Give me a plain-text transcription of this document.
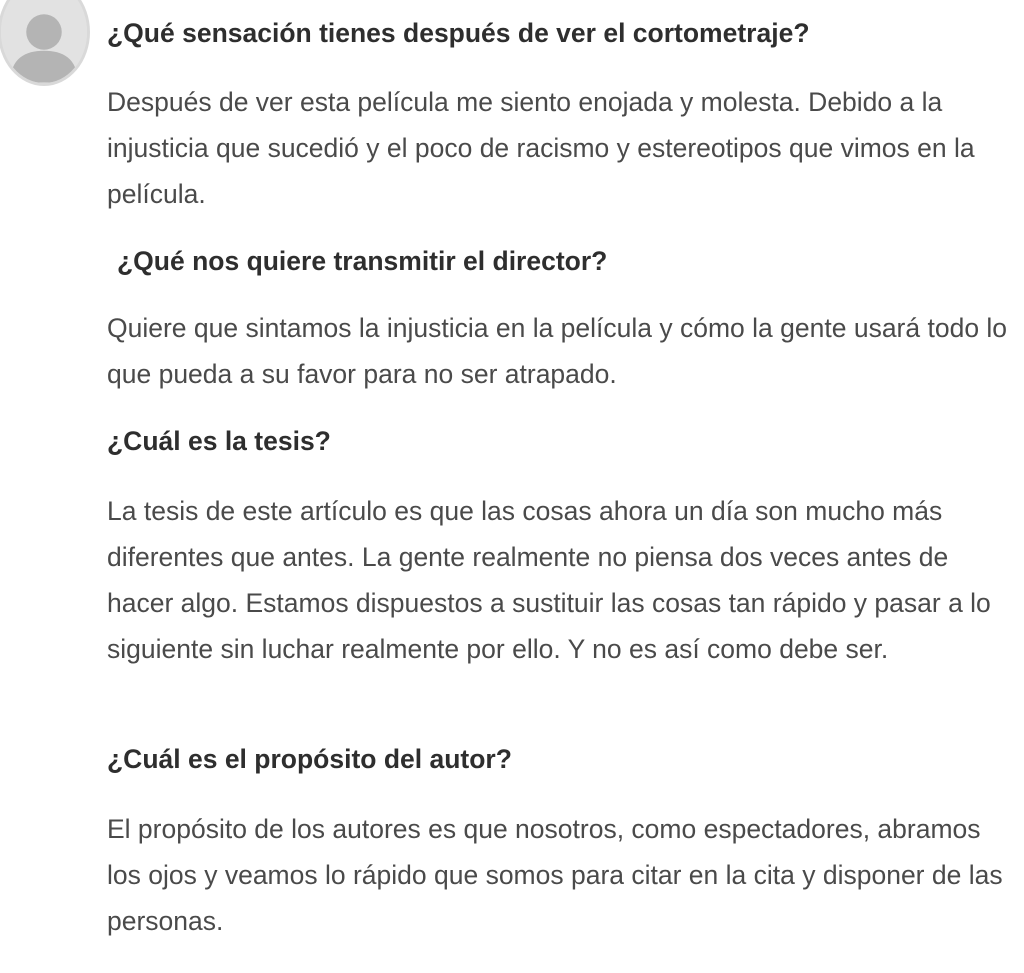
¿Qué sensación tienes después de ver el cortometraje?

Después de ver esta película me siento enojada y molesta. Debido a la injusticia que sucedió y el poco de racismo y estereotipos que vimos en la película.

¿Qué nos quiere transmitir el director?

Quiere que sintamos la injusticia en la película y cómo la gente usará todo lo que pueda a su favor para no ser atrapado.

¿Cuál es la tesis?

La tesis de este artículo es que las cosas ahora un día son mucho más diferentes que antes. La gente realmente no piensa dos veces antes de hacer algo. Estamos dispuestos a sustituir las cosas tan rápido y pasar a lo siguiente sin luchar realmente por ello. Y no es así como debe ser.

¿Cuál es el propósito del autor?

El propósito de los autores es que nosotros, como espectadores, abramos los ojos y veamos lo rápido que somos para citar en la cita y disponer de las personas.
